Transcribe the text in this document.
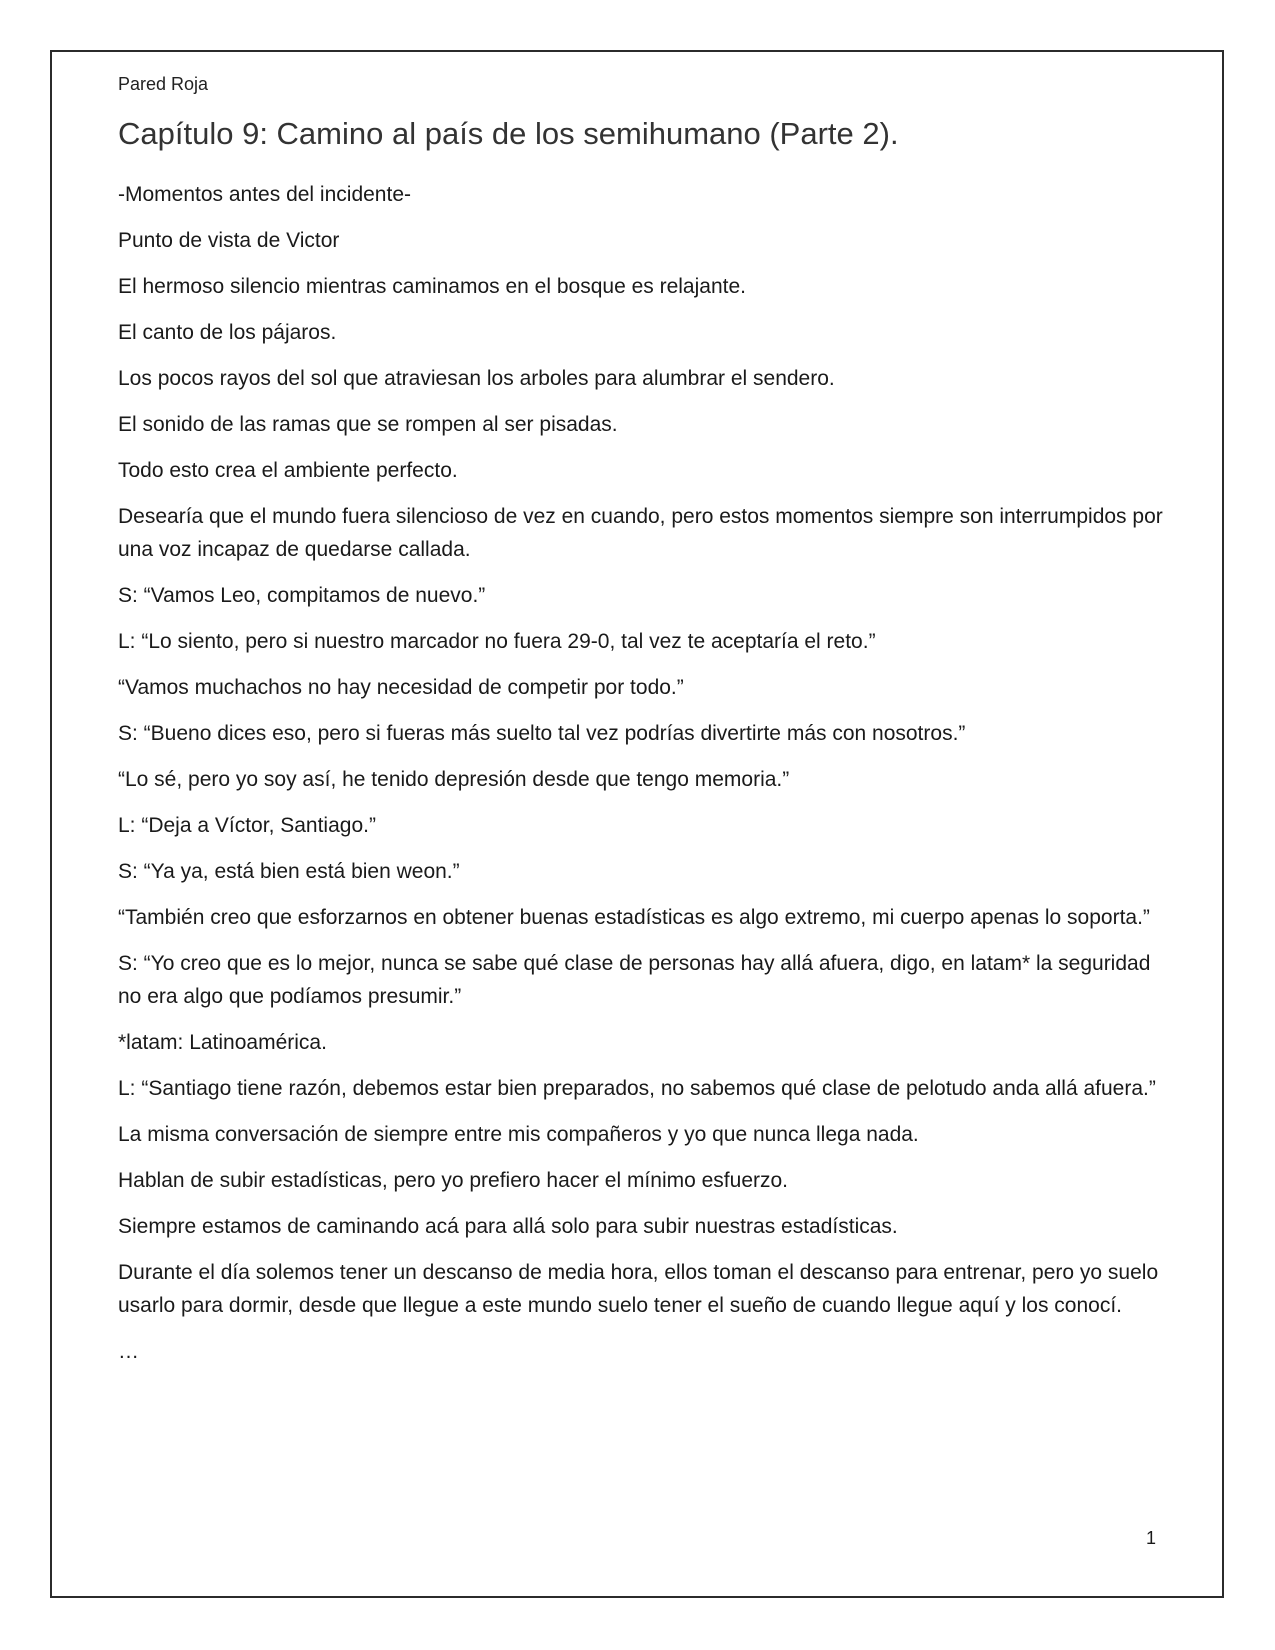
Pared Roja
Capítulo 9: Camino al país de los semihumano (Parte 2).

-Momentos antes del incidente-

Punto de vista de Victor

El hermoso silencio mientras caminamos en el bosque es relajante.

El canto de los pájaros.

Los pocos rayos del sol que atraviesan los arboles para alumbrar el sendero.

El sonido de las ramas que se rompen al ser pisadas.

Todo esto crea el ambiente perfecto.

Desearía que el mundo fuera silencioso de vez en cuando, pero estos momentos siempre son interrumpidos por una voz incapaz de quedarse callada.

S: “Vamos Leo, compitamos de nuevo.”

L: “Lo siento, pero si nuestro marcador no fuera 29-0, tal vez te aceptaría el reto.”

“Vamos muchachos no hay necesidad de competir por todo.”

S: “Bueno dices eso, pero si fueras más suelto tal vez podrías divertirte más con nosotros.”

“Lo sé, pero yo soy así, he tenido depresión desde que tengo memoria.”

L: “Deja a Víctor, Santiago.”

S: “Ya ya, está bien está bien weon.”

“También creo que esforzarnos en obtener buenas estadísticas es algo extremo, mi cuerpo apenas lo soporta.”

S: “Yo creo que es lo mejor, nunca se sabe qué clase de personas hay allá afuera, digo, en latam* la seguridad no era algo que podíamos presumir.”

*latam: Latinoamérica.

L: “Santiago tiene razón, debemos estar bien preparados, no sabemos qué clase de pelotudo anda allá afuera.”

La misma conversación de siempre entre mis compañeros y yo que nunca llega nada.

Hablan de subir estadísticas, pero yo prefiero hacer el mínimo esfuerzo.

Siempre estamos de caminando acá para allá solo para subir nuestras estadísticas.

Durante el día solemos tener un descanso de media hora, ellos toman el descanso para entrenar, pero yo suelo usarlo para dormir, desde que llegue a este mundo suelo tener el sueño de cuando llegue aquí y los conocí.

…

1
